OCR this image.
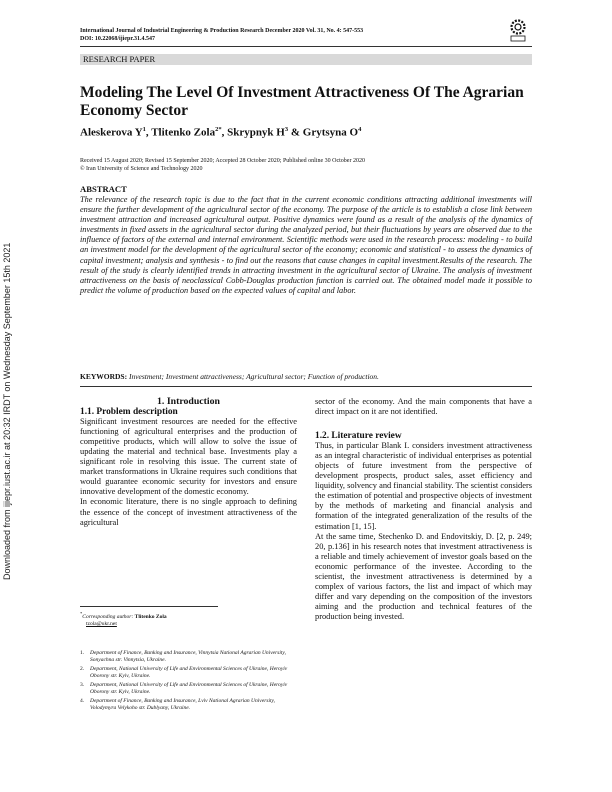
International Journal of Industrial Engineering & Production Research December 2020 Vol. 31, No. 4: 547-553
DOI: 10.22068/ijiepr.31.4.547
RESEARCH PAPER
Modeling The Level Of Investment Attractiveness Of The Agrarian Economy Sector
Aleskerova $Y^1$, Tlitenko Zola$^{2*}$, Skrypnyk $H^3$ & Grytsyna $O^4$
Received 15 August 2020; Revised 15 September 2020; Accepted 28 October 2020; Published online 30 October 2020
© Iran University of Science and Technology 2020
ABSTRACT
The relevance of the research topic is due to the fact that in the current economic conditions attracting additional investments will ensure the further development of the agricultural sector of the economy. The purpose of the article is to establish a close link between investment attraction and increased agricultural output. Positive dynamics were found as a result of the analysis of the dynamics of investments in fixed assets in the agricultural sector during the analyzed period, but their fluctuations by years are observed due to the influence of factors of the external and internal environment. Scientific methods were used in the research process: modeling - to build an investment model for the development of the agricultural sector of the economy; economic and statistical - to assess the dynamics of capital investment; analysis and synthesis - to find out the reasons that cause changes in capital investment.Results of the research. The result of the study is clearly identified trends in attracting investment in the agricultural sector of Ukraine. The analysis of investment attractiveness on the basis of neoclassical Cobb-Douglas production function is carried out. The obtained model made it possible to predict the volume of production based on the expected values of capital and labor.
KEYWORDS: Investment; Investment attractiveness; Agricultural sector; Function of production.
Downloaded from ijiepr.iust.ac.ir at 20:32 IRDT on Wednesday September 15th 2021	1. Introduction
1.1. Problem description
Significant investment resources are needed for the effective functioning of agricultural enterprises and the production of competitive products, which will allow to solve the issue of updating the material and technical base. Investments play a significant role in resolving this issue. The current state of market transformations in Ukraine requires such conditions that would guarantee economic security for investors and ensure innovative development of the domestic economy.
In economic literature, there is no single approach to defining the essence of the concept of investment attractiveness of the agricultural
*Corresponding author: Tlitenko Zola
tzola@ukr.net
1. Department of Finance, Banking and Insurance, Vinnytsia National Agrarian University, Sonyachna str. Vinnytsia, Ukraine.
2. Department, National University of Life and Environmental Sciences of Ukraine, Heroyiv Oborony str. Kyiv, Ukraine.
3. Department, National University of Life and Environmental Sciences of Ukraine, Heroyiv Oborony str. Kyiv, Ukraine.
4. Department of Finance, Banking and Insurance, Lviv National Agrarian University, Volodymyra Velykoho str. Dublyany, Ukraine.
sector of the economy. And the main components that have a direct impact on it are not identified.
1.2. Literature review
Thus, in particular Blank I. considers investment attractiveness as an integral characteristic of individual enterprises as potential objects of future investment from the perspective of development prospects, product sales, asset efficiency and liquidity, solvency and financial stability. The scientist considers the estimation of potential and prospective objects of investment by the methods of marketing and financial analysis and formation of the integrated generalization of the results of the estimation [1, 15].
At the same time, Stechenko D. and Endovitskiy, D. [2, p. 249; 20, p.136] in his research notes that investment attractiveness is a reliable and timely achievement of investor goals based on the economic performance of the investee. According to the scientist, the investment attractiveness is determined by a complex of various factors, the list and impact of which may differ and vary depending on the composition of the investors aiming and the production and technical features of the production being invested.
